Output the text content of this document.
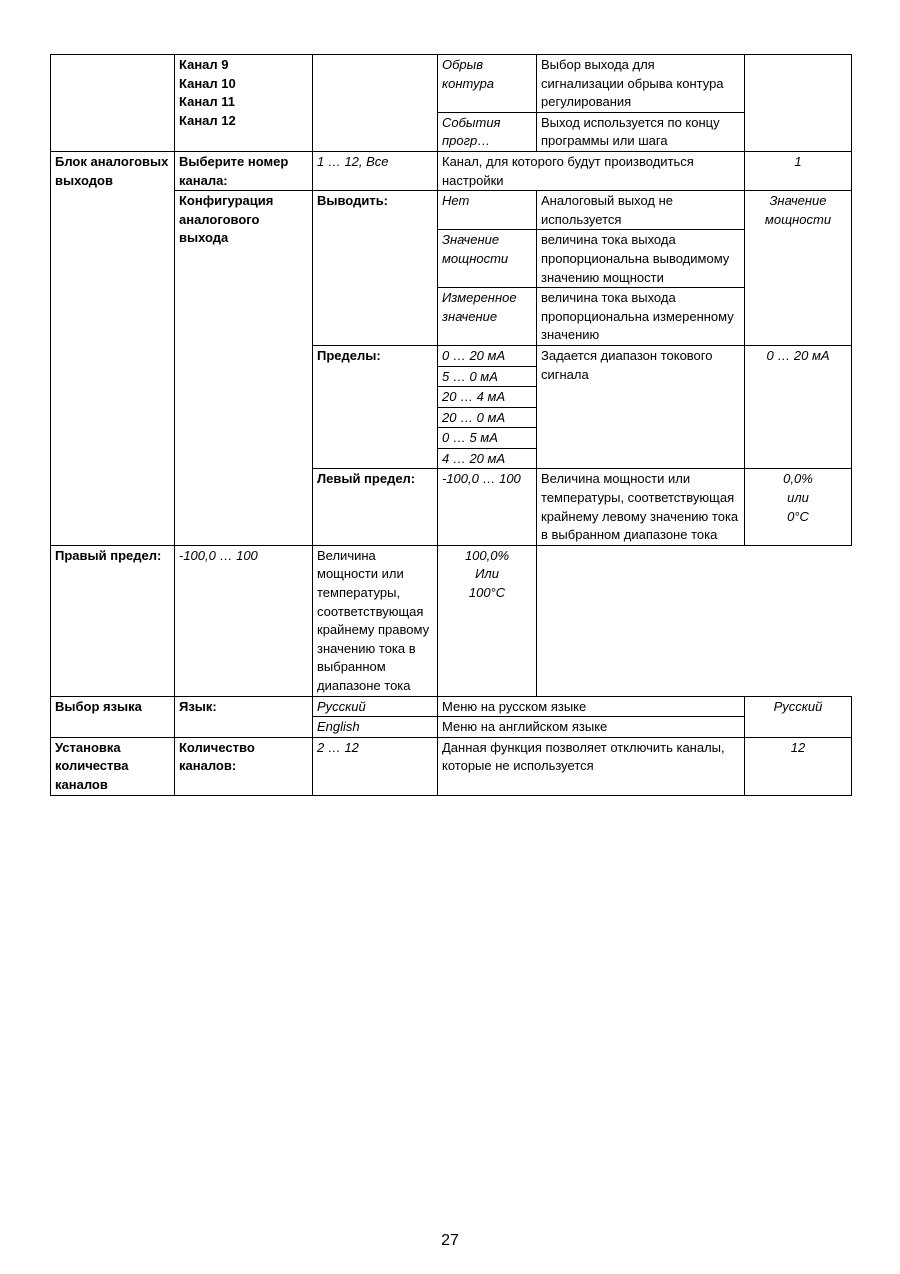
	Канал 9
Канал 10
Канал 11
Канал 12		Обрыв контура	Выбор выхода для сигнализации обрыва контура регулирования	
			События прогр…	Выход используется по концу программы или шага	
Блок аналоговых выходов	Выберите номер канала:	1 … 12, Все	Канал, для которого будут производиться настройки		1
	Конфигурация аналогового выхода	Выводить:	Нет	Аналоговый выход не используется	Значение мощности
			Значение мощности	величина тока выхода пропорциональна выводимому значению мощности	
			Измеренное значение	величина тока выхода пропорциональна измеренному значению	
		Пределы:	0 … 20 мА	Задается диапазон токового сигнала	0 … 20 мА
			5 … 0 мА		
			20 … 4 мА		
			20 … 0 мА		
			0 … 5 мА		
			4 … 20 мА		
		Левый предел:	-100,0 … 100	Величина мощности или температуры, соответствующая крайнему левому значению тока в выбранном диапазоне тока	0,0%
или
0°С

Правый предел:	-100,0 … 100	Величина мощности или температуры, соответствующая крайнему правому значению тока в выбранном диапазоне тока	100,0%
Или
100°С		

Выбор языка	Язык:	Русский	Меню на русском языке		Русский
		English	Меню на английском языке		
Установка количества каналов	Количество каналов:	2 … 12	Данная функция позволяет отключить каналы, которые не используется		12
27
